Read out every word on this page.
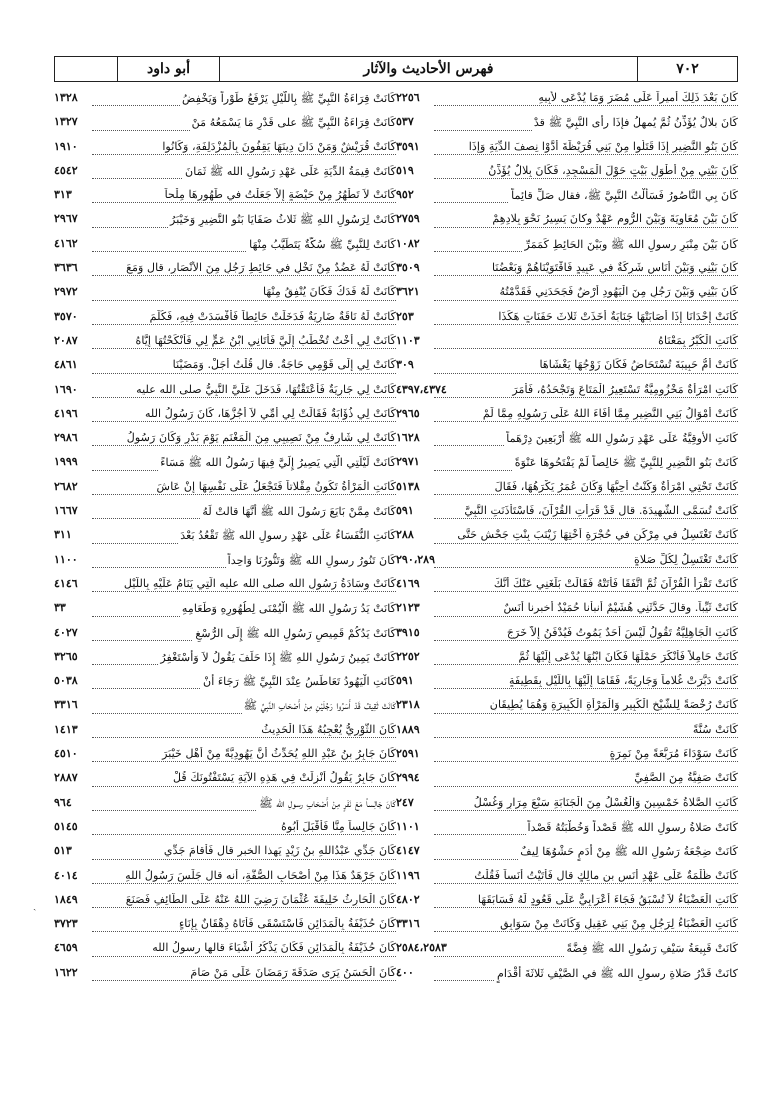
٧٠٢
فهرس الأحاديث والآثار
أبو داود
كَانَ بَعْدَ ذَلِكَ أميراً عَلَى مُضَرَ وَمَا يُدْعَى لأَبِيهِ
٢٢٥٦
كَانَ بلالٌ يُؤَذِّنُ ثُمَّ يُمهلُ فإذَا رأَى النَّبِيَّ ﷺ قدْ
٥٣٧
كَانَ بَنُو النَّضِيرِ إِذَا قَتَلُوا مِنْ بَنِي قُرَيْظَةَ أَدَّوْا نِصفَ الدِّيَةِ وَإِذَا
٣٥٩١
كَانَ بَيْتِي مِنْ أَطْوَلِ بَيْتٍ حَوْلَ الْمَسْجِدِ، فَكَانَ بِلالٌ يُؤَذِّنُ
٥١٩
كَانَ بِي النَّاصُورُ فَسَأَلْتُ النَّبِيَّ ﷺ، فقال صَلِّ قائِماً
٩٥٢
كَانَ بَيْنَ مُعَاوِيَةَ وَبَيْنَ الرُّومِ عَهْدٌ وكانَ يَسِيرُ نَحْوَ بِلادِهِمْ
٢٧٥٩
كَانَ بَيْنَ مِنْبَرِ رسولِ الله ﷺ وبَيْنَ الحَائِطِ كَمَمَرِّ
١٠٨٢
كَانَ بَيْنِي وَبَيْنَ أُنَاسٍ شَرِكَةٌ في عَبِيدٍ فَاقْتَوَيْنَاهُمْ وَبَعْضُنَا
٣٥٠٩
كَانَ بَيْنِي وَبَيْنَ رَجُلٍ مِنَ الْيَهُودِ أَرْضٌ فَجَحَدَنِي فَقَدَّمْتُهُ
٣٦٢١
كَانَتْ إِحْدَانَا إِذَا أَصَابَتْهَا جَنَابَةٌ أَخَذَتْ ثَلاثَ حَفَنَاتٍ هَكَذَا
٢٥٣
كَانَتِ الْكُبْرُ بِمَعْنَاهُ
١١٠٣
كَانَتْ أُمُّ حَبِيبَةَ تُسْتَحَاضُ فَكَانَ زَوْجُهَا يَغْشَاهَا
٣٠٩
كَانَتِ امْرَأَةٌ مَخْزُومِيَّةٌ تَسْتَعِيرُ الْمَتَاعَ وَتَجْحَدُهُ، فَأَمَرَ
٤٣٩٧،٤٣٧٤
كَانَتْ أَمْوَالُ بَنِي النَّضِيرِ مِمَّا أَفَاءَ اللهُ عَلَى رَسُولِهِ مِمَّا لَمْ
٢٩٦٥
كَانَتِ الأُوقِيَّةُ عَلَى عَهْدِ رَسُولِ الله ﷺ أَرْبَعِينَ دِرْهَماً
١٦٢٨
كَانَتْ بَنُو النَّضِيرِ لِلنَّبِيِّ ﷺ خَالِصاً لَمْ يَفْتَحُوهَا عَنْوَةً
٢٩٧١
كَانَتْ تَحْتِي امْرَأَةٌ وَكُنْتُ أُحِبُّهَا وَكَانَ عُمَرُ يَكْرَهُهَا، فَقَالَ
٥١٣٨
كَانَتْ تُسَمَّى الشَّهِيدَةَ. قال قَدْ قَرَأَتِ القُرْآنَ، فَاسْتَأْذَنَتِ النَّبِيَّ
٥٩١
كَانَتْ تَغْتَسِلُ في مِرْكَنٍ في حُجْرَةِ أُخْتِهَا زَيْنَبَ بِنْتِ جَحْشٍ حَتَّى
٢٨٨
كَانَتْ تَغْتَسِلُ لِكُلِّ صَلاةٍ
٢٩٠،٢٨٩
كَانَتْ تَقْرَأُ الْقُرْآنَ ثُمَّ اتَّفَقَا فَأَتَتْهُ فَقَالَتْ بَلَغَنِي عَنْكَ أَنَّكَ
٤١٦٩
كَانَتْ ثَيِّباً. وقالَ حَدَّثَنِي هُشَيْمٌ أنبأنا حُمَيْدٌ أخبرنا أَنَسٌ
٢١٢٣
كَانَتِ الْجَاهِلِيَّةُ تَقُولُ لَيْسَ أَحَدٌ يَمُوتُ فَيُدْفَنُ إِلاَّ خَرَجَ
٣٩١٥
كَانَتْ حَامِلاً فَأَنْكَرَ حَمْلَهَا فَكَانَ ابْنُهَا يُدْعَى إِلَيْهَا ثُمَّ
٢٢٥٢
كَانَتْ دَبَّرَتْ غُلاماً وَجَارِيَةً، فَقَامَا إِلَيْهَا بِاللَّيْلِ بِقَطِيفَةٍ
٥٩١
كَانَتْ رُخْصَةً لِلشَّيْخِ الْكَبِيرِ وَالْمَرْأَةِ الْكَبِيرَةِ وَهُمَا يُطِيقَانِ
٢٣١٨
كَانَتْ سُنَّةً
١٨٨٩
كَانَتْ سَوْدَاءَ مُرَبَّعَةً مِنْ نَمِرَةٍ
٢٥٩١
كَانَتْ صَفِيَّةُ مِنَ الصَّفِيِّ
٢٩٩٤
كَانَتِ الصَّلاةُ خَمْسِينَ وَالْغُسْلُ مِنَ الْجَنَابَةِ سَبْعَ مِرَارٍ وَغُسْلُ
٢٤٧
كَانَتْ صَلاةُ رسولِ الله ﷺ قَصْداً وَخُطْبَتُهُ قَصْداً
١١٠١
كَانَتْ ضِجْعَةُ رَسُولِ الله ﷺ مِنْ أَدَمٍ حَشْوُهَا لِيفٌ
٤١٤٧
كَانَتْ ظُلْمَةٌ عَلَى عَهْدِ أَنَسِ بنِ مالِكٍ قال فَأَتَيْتُ أَنَساً فَقُلْتُ
١١٩٦
كَانَتِ الْعَضْبَاءُ لاَ تُسْبَقُ فَجَاءَ أَعْرَابِيٌّ عَلَى قَعُودٍ لَهُ فَسَابَقَهَا
٤٨٠٢
كَانَتِ الْعَضْبَاءُ لِرَجُلٍ مِنْ بَنِي عَقِيلٍ وَكَانَتْ مِنْ سَوَابِقِ
٣٣١٦
كَانَتْ قَبِيعَةُ سَيْفِ رَسُولِ الله ﷺ فِضَّةً
٢٥٨٤،٢٥٨٣
كانَتْ قَدْرُ صَلاةِ رسولِ الله ﷺ في الصَّيْفِ ثَلاثَةَ أَقْدَامٍ
٤٠٠
كَانَتْ قِرَاءَةُ النَّبِيِّ ﷺ بِاللَّيْلِ يَرْفَعُ طَوْراً وَيَخْفِضُ
١٣٢٨
كَانَتْ قِرَاءَةُ النَّبِيِّ ﷺ على قَدْرِ مَا يَسْمَعُهُ مَنْ
١٣٢٧
كَانَتْ قُرَيْشٌ وَمَنْ دَانَ دِينَهَا يَقِفُونَ بِالْمُزْدَلِفَةِ، وَكَانُوا
١٩١٠
كَانَتْ قِيمَةُ الدِّيَةِ عَلَى عَهْدِ رَسُولِ الله ﷺ ثَمَانَ
٤٥٤٢
كَانَتْ لاَ تَطْهُرُ مِنْ حَيْضَةٍ إِلاَّ جَعَلْتُ في طَهُورِهَا مِلْحاً
٣١٣
كَانَتْ لِرَسُولِ اللهِ ﷺ ثَلاثُ صَفَايَا بَنُو النَّضِيرِ وَخَيْبَرُ
٢٩٦٧
كَانَتْ لِلنَّبِيِّ ﷺ سُكَّةٌ يَتَطَيَّبُ مِنْهَا
٤١٦٢
كَانَتْ لَهُ عَضُدٌ مِنْ نَخْلٍ في حَائِطِ رَجُلٍ مِنَ الأَنْصَارِ، قال وَمَعَ
٣٦٣٦
كَانَتْ لَهُ فَدَكُ فَكَانَ يُنْفِقُ مِنْهَا
٢٩٧٢
كَانَتْ لَهُ نَاقَةٌ ضَارِيَةٌ فَدَخَلَتْ حَائِطاً فَأَفْسَدَتْ فِيهِ، فَكُلِّمَ
٣٥٧٠
كَانَتْ لِي أُخْتٌ تُخْطَبُ إِلَيَّ فَأَتَانِي ابْنُ عَمٍّ لِي فَأَنْكَحْتُهَا إِيَّاهُ
٢٠٨٧
كَانَتْ لِي إِلَى قَوْمِي حَاجَةٌ. قال قُلْتُ أَجَلْ. وَمَضَيْنَا
٤٨٦١
كَانَتْ لِي جَارِيَةٌ فَأَعْتَقْتُهَا، فَدَخَلَ عَلَيَّ النَّبِيُّ صلى الله عليه
١٦٩٠
كَانَتْ لِي ذُؤَابَةٌ فَقَالَتْ لِي أُمِّي لاَ أَجُزُّهَا، كَانَ رَسُولُ الله
٤١٩٦
كَانَتْ لِي شَارِفٌ مِنْ نَصِيبِي مِنَ الْمَغْنَمِ يَوْمَ بَدْرٍ وَكَانَ رَسُولُ
٢٩٨٦
كَانَتْ لَيْلَتِي الَّتِي يَصِيرُ إِلَيَّ فِيهَا رَسُولُ الله ﷺ مَسَاءً
١٩٩٩
كَانَتِ الْمَرْأَةُ تَكُونُ مِقْلاتاً فَتَجْعَلُ عَلَى نَفْسِهَا إِنْ عَاشَ
٢٦٨٢
كَانَتْ مِمَّنْ بَايَعَ رَسُولَ الله ﷺ أَنَّهَا قالتْ لَهُ
١٦٦٧
كَانَتِ النُّفَسَاءُ عَلَى عَهْدِ رسولِ الله ﷺ تَقْعُدُ بَعْدَ
٣١١
كَانَ تَنُورُ رسولِ الله ﷺ وَتَنُّورُنَا وَاحِداً
١١٠٠
كَانَتْ وِسَادَةُ رَسُولِ الله صلى الله عليه الّتِي يَنَامُ عَلَيْهِ بِاللَّيْلِ
٤١٤٦
كَانَتْ يَدُ رَسُولِ الله ﷺ الْيُمْنَى لِطُهُورِهِ وَطَعَامِهِ
٣٣
كَانَتْ يَدُكُمْ قَمِيصِ رَسُولِ الله ﷺ إِلَى الرُّسْغِ
٤٠٢٧
كَانَتْ يَمِينُ رَسُولِ اللهِ ﷺ إِذَا حَلَفَ يَقُولُ لاَ وَأَسْتَغْفِرُ
٣٢٦٥
كَانَتِ الْيَهُودُ تَعَاطَسُ عِنْدَ النَّبِيِّ ﷺ رَجَاءَ أَنْ
٥٠٣٨
كَانَتْ ثَقِيفُ قَدْ أَسَرُوا رَجُلَيْنِ مِنْ أَصْحَابِ النَّبِيِّ ﷺ
٣٣١٦
كَانَ الثَّوْرِيُّ يُعْجِبُهُ هَذَا الْحَدِيثُ
١٤١٣
كَانَ جَابِرُ بنُ عَبْدِ اللهِ يُحَدِّثُ أَنَّ يَهُودِيَّةً مِنْ أَهْلِ خَيْبَرَ
٤٥١٠
كَانَ جَابِرٌ يَقُولُ أُنْزِلَتْ فِي هَذِهِ الآيَةِ يَسْتَفْتُونَكَ قُلْ
٢٨٨٧
كَانَ جَالِساً مَعَ نَفَرٍ مِنْ أَصْحَابِ رسولِ الله ﷺ
٩٦٤
كَانَ جَالِساً مِنَّا فَأَقْبَلَ أَبُوهُ
٥١٤٥
كَانَ جَدِّي عَبْدُاللهِ بنُ زَيْدٍ يَهذا الخبرِ قال فَأَقامَ جَدِّي
٥١٣
كَانَ جَرْهَدٌ هَذَا مِنْ أَصْحَابِ الصُّفَّةِ، أنه قال جَلَسَ رَسُولُ اللهِ
٤٠١٤
كَانَ الْحَارِثُ خَلِيفَةَ عُثْمَانَ رَضِيَ اللهُ عَنْهُ عَلَى الطَّائِفِ فَصَنَعَ
١٨٤٩
كَانَ حُذَيْفَةُ بِالْمَدَائِنِ فَاسْتَسْقَى فَأَتَاهُ دِهْقَانٌ بِإِنَاءٍ
٣٧٢٣
كَانَ حُذَيْفَةُ بِالْمَدَائِنِ فَكَانَ يَذْكُرُ أَشْيَاءَ قالها رسولُ الله
٤٦٥٩
كَانَ الْحَسَنُ يَرَى صَدَقَةَ رَمَضَانَ عَلَى مَنْ صَامَ
١٦٢٢
ˏ
